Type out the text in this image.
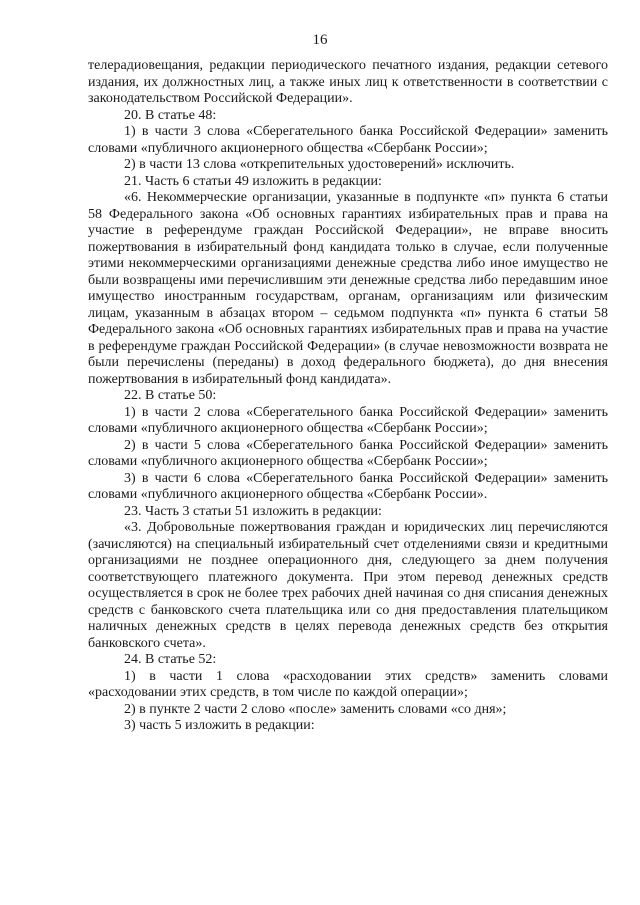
16

телерадиовещания, редакции периодического печатного издания, редакции сетевого издания, их должностных лиц, а также иных лиц к ответственности в соответствии с законодательством Российской Федерации».

20. В статье 48:

1) в части 3 слова «Сберегательного банка Российской Федерации» заменить словами «публичного акционерного общества «Сбербанк России»;

2) в части 13 слова «открепительных удостоверений» исключить.

21. Часть 6 статьи 49 изложить в редакции:

«6. Некоммерческие организации, указанные в подпункте «п» пункта 6 статьи 58 Федерального закона «Об основных гарантиях избирательных прав и права на участие в референдуме граждан Российской Федерации», не вправе вносить пожертвования в избирательный фонд кандидата только в случае, если полученные этими некоммерческими организациями денежные средства либо иное имущество не были возвращены ими перечислившим эти денежные средства либо передавшим иное имущество иностранным государствам, органам, организациям или физическим лицам, указанным в абзацах втором – седьмом подпункта «п» пункта 6 статьи 58 Федерального закона «Об основных гарантиях избирательных прав и права на участие в референдуме граждан Российской Федерации» (в случае невозможности возврата не были перечислены (переданы) в доход федерального бюджета), до дня внесения пожертвования в избирательный фонд кандидата».

22. В статье 50:

1) в части 2 слова «Сберегательного банка Российской Федерации» заменить словами «публичного акционерного общества «Сбербанк России»;

2) в части 5 слова «Сберегательного банка Российской Федерации» заменить словами «публичного акционерного общества «Сбербанк России»;

3) в части 6 слова «Сберегательного банка Российской Федерации» заменить словами «публичного акционерного общества «Сбербанк России».

23. Часть 3 статьи 51 изложить в редакции:

«3. Добровольные пожертвования граждан и юридических лиц перечисляются (зачисляются) на специальный избирательный счет отделениями связи и кредитными организациями не позднее операционного дня, следующего за днем получения соответствующего платежного документа. При этом перевод денежных средств осуществляется в срок не более трех рабочих дней начиная со дня списания денежных средств с банковского счета плательщика или со дня предоставления плательщиком наличных денежных средств в целях перевода денежных средств без открытия банковского счета».

24. В статье 52:

1) в части 1 слова «расходовании этих средств» заменить словами «расходовании этих средств, в том числе по каждой операции»;

2) в пункте 2 части 2 слово «после» заменить словами «со дня»;

3) часть 5 изложить в редакции:
